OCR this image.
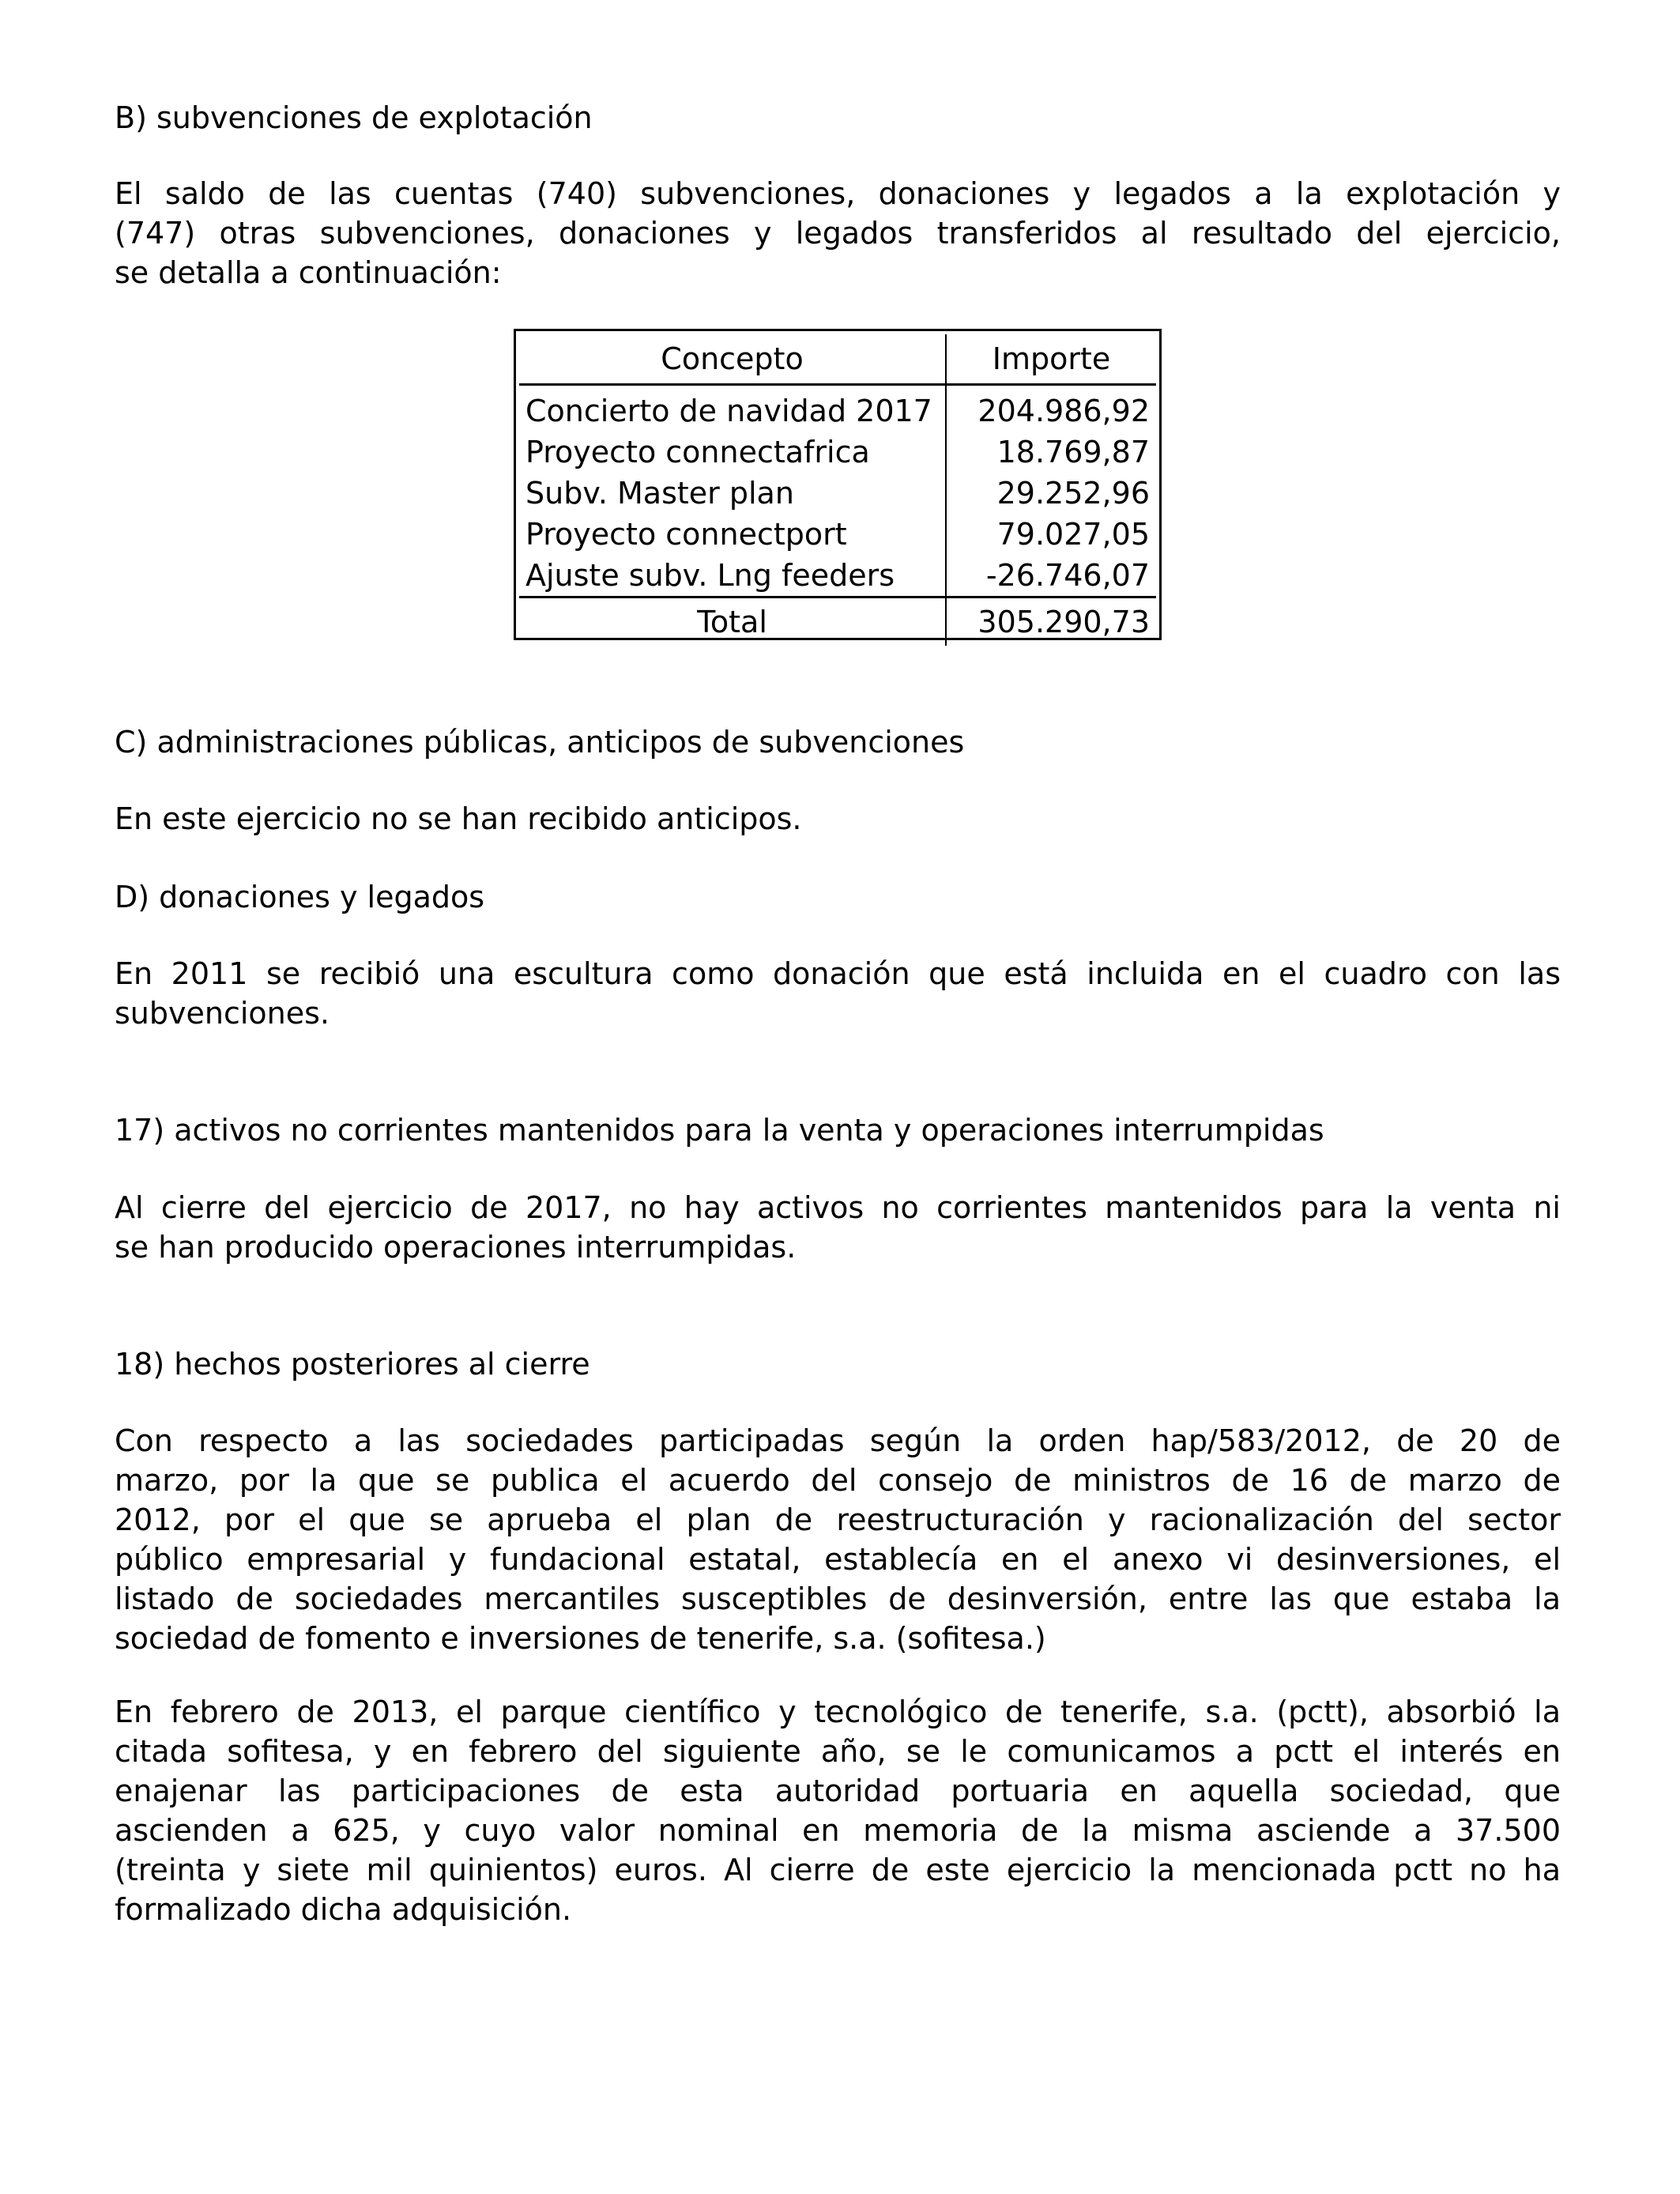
B) subvenciones de explotación
El saldo de las cuentas (740) subvenciones, donaciones y legados a la explotación y
(747) otras subvenciones, donaciones y legados transferidos al resultado del ejercicio,
se detalla a continuación:
Concepto	Importe
Concierto de navidad 2017	204.986,92
Proyecto connectafrica	18.769,87
Subv. Master plan	29.252,96
Proyecto connectport	79.027,05
Ajuste subv. Lng feeders	-26.746,07
Total	305.290,73
C) administraciones públicas, anticipos de subvenciones
En este ejercicio no se han recibido anticipos.
D) donaciones y legados
En 2011 se recibió una escultura como donación que está incluida en el cuadro con las
subvenciones.
17) activos no corrientes mantenidos para la venta y operaciones interrumpidas
Al cierre del ejercicio de 2017, no hay activos no corrientes mantenidos para la venta ni
se han producido operaciones interrumpidas.
18) hechos posteriores al cierre
Con respecto a las sociedades participadas según la orden hap/583/2012, de 20 de
marzo, por la que se publica el acuerdo del consejo de ministros de 16 de marzo de
2012, por el que se aprueba el plan de reestructuración y racionalización del sector
público empresarial y fundacional estatal, establecía en el anexo vi desinversiones, el
listado de sociedades mercantiles susceptibles de desinversión, entre las que estaba la
sociedad de fomento e inversiones de tenerife, s.a. (sofitesa.)
En febrero de 2013, el parque científico y tecnológico de tenerife, s.a. (pctt), absorbió la
citada sofitesa, y en febrero del siguiente año, se le comunicamos a pctt el interés en
enajenar las participaciones de esta autoridad portuaria en aquella sociedad, que
ascienden a 625, y cuyo valor nominal en memoria de la misma asciende a 37.500
(treinta y siete mil quinientos) euros. Al cierre de este ejercicio la mencionada pctt no ha
formalizado dicha adquisición.
